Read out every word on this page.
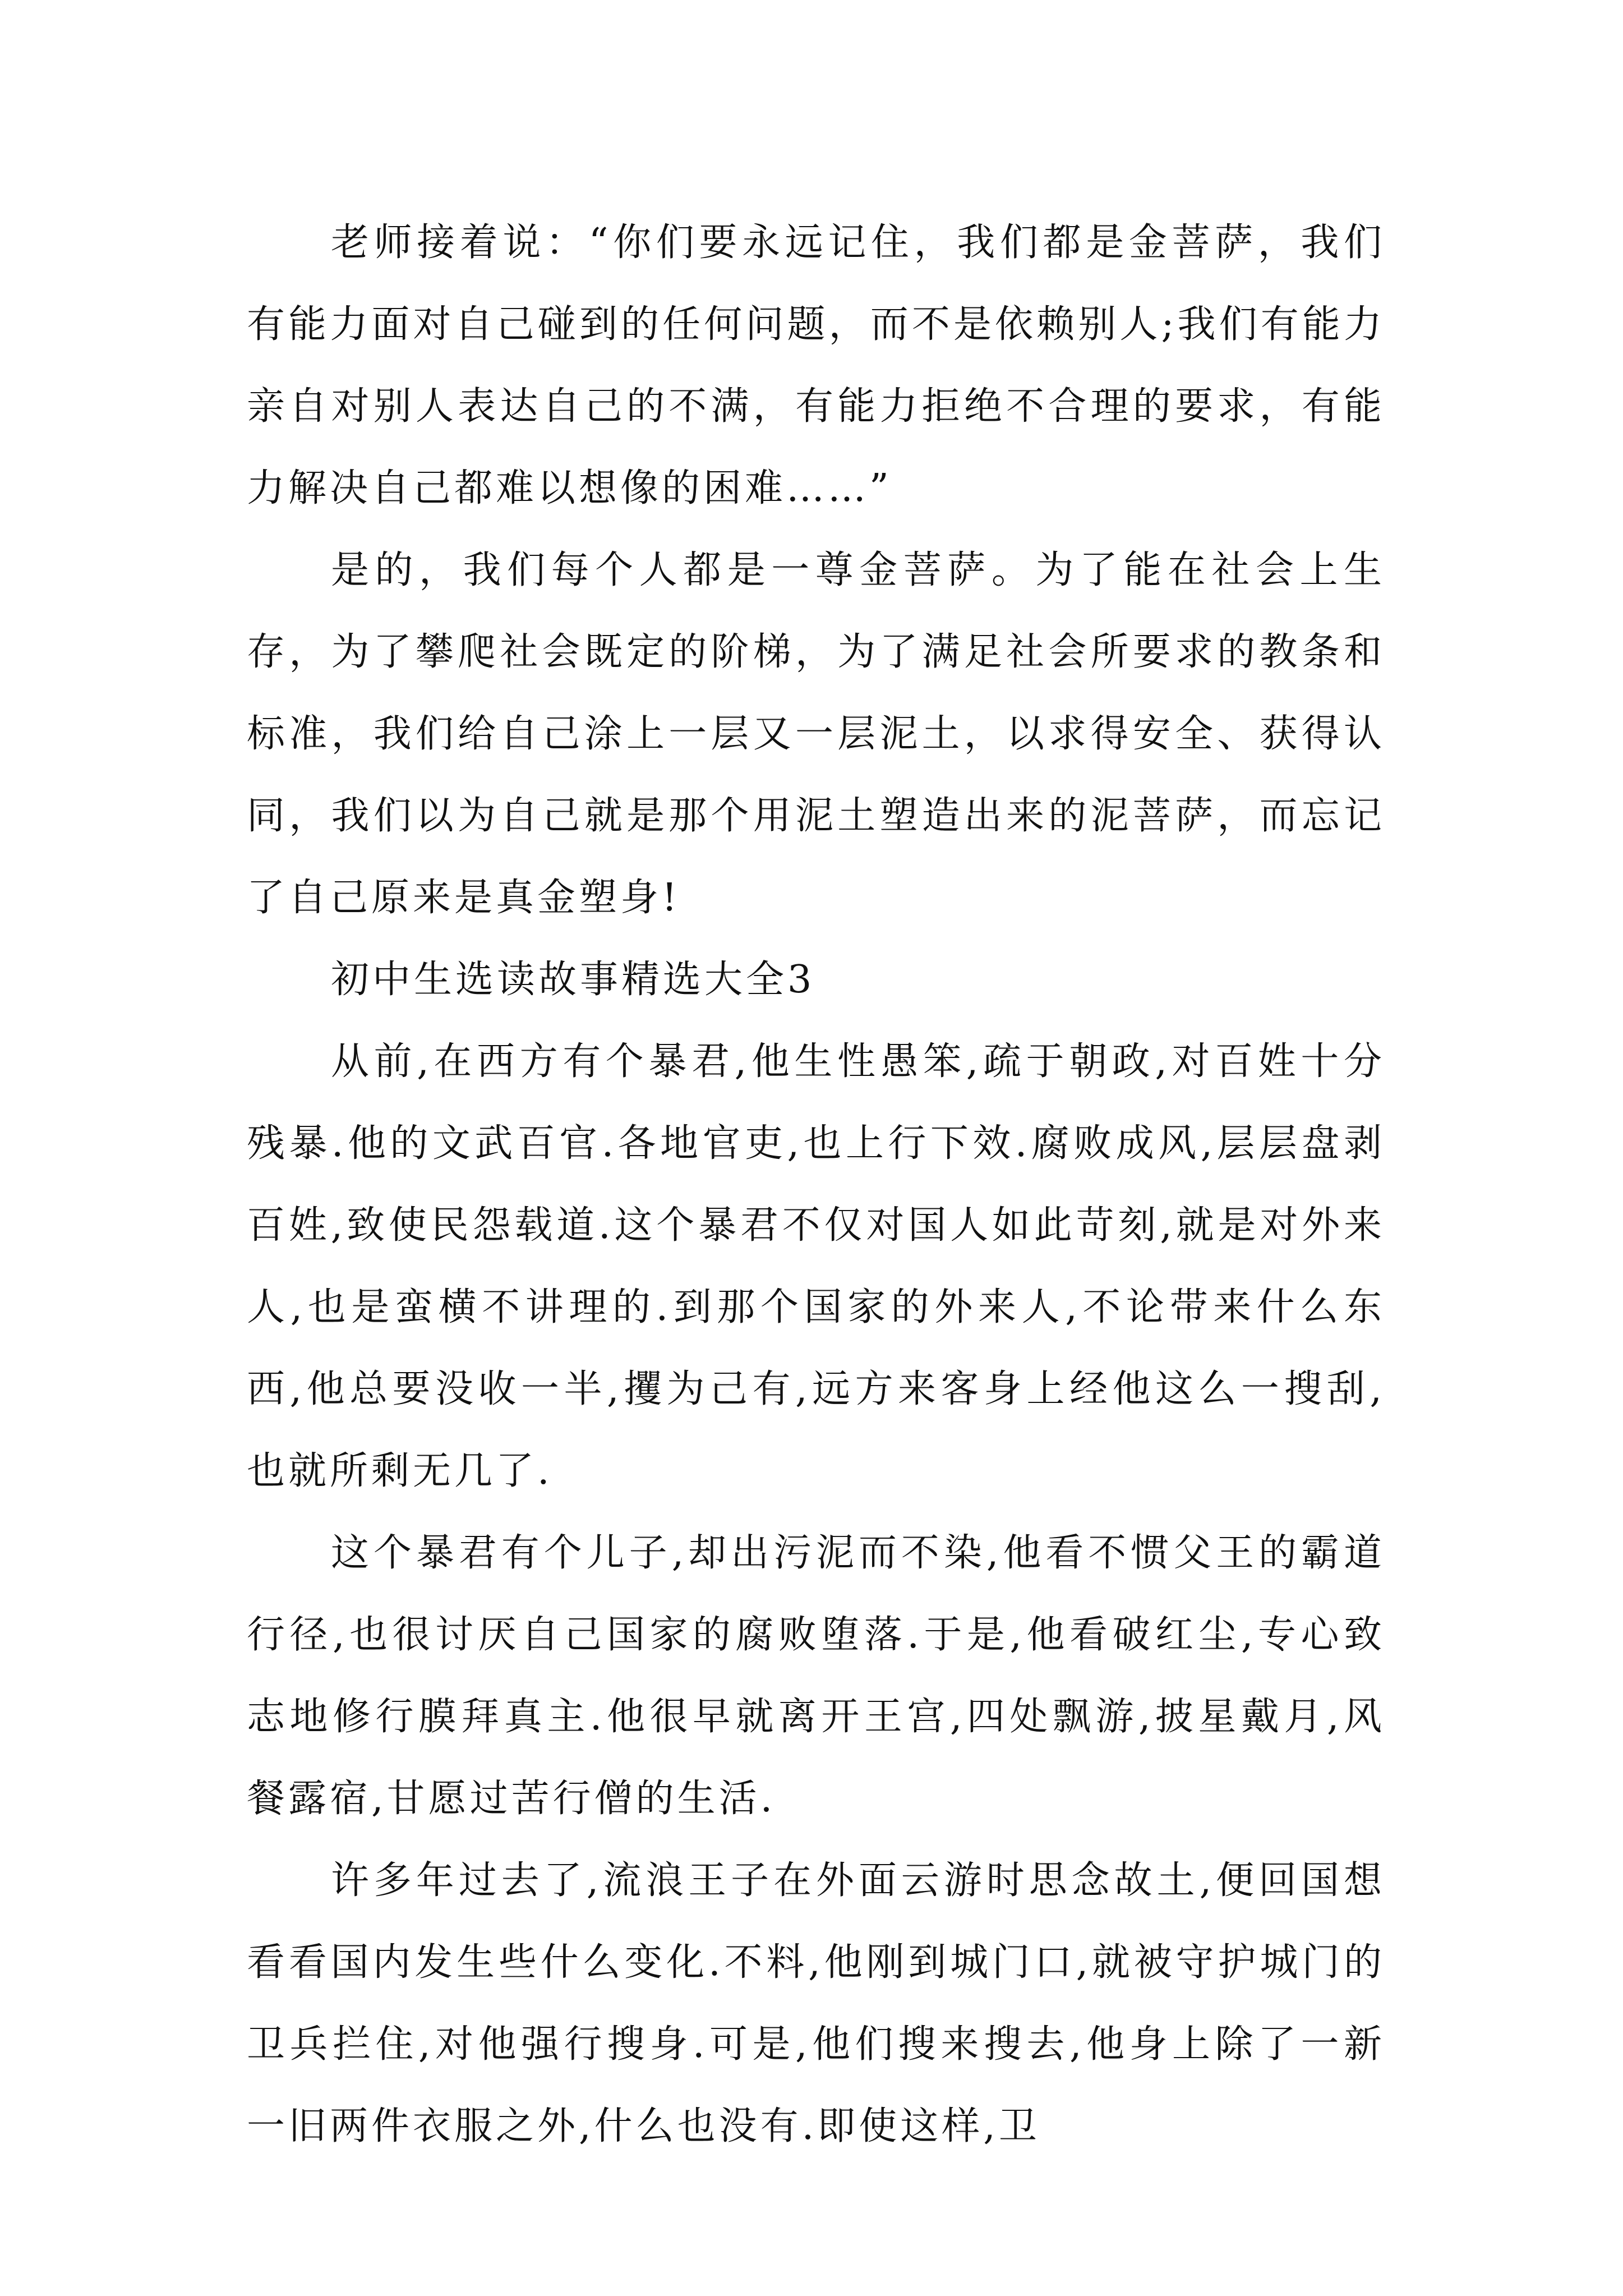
老师接着说：“你们要永远记住，我们都是金菩萨，我们有能力面对自己碰到的任何问题，而不是依赖别人;我们有能力亲自对别人表达自己的不满，有能力拒绝不合理的要求，有能力解决自己都难以想像的困难……”

是的，我们每个人都是一尊金菩萨。为了能在社会上生存，为了攀爬社会既定的阶梯，为了满足社会所要求的教条和标准，我们给自己涂上一层又一层泥土，以求得安全、获得认同，我们以为自己就是那个用泥土塑造出来的泥菩萨，而忘记了自己原来是真金塑身!

初中生选读故事精选大全3

从前,在西方有个暴君,他生性愚笨,疏于朝政,对百姓十分残暴.他的文武百官.各地官吏,也上行下效.腐败成风,层层盘剥百姓,致使民怨载道.这个暴君不仅对国人如此苛刻,就是对外来人,也是蛮横不讲理的.到那个国家的外来人,不论带来什么东西,他总要没收一半,攫为己有,远方来客身上经他这么一搜刮,也就所剩无几了.

这个暴君有个儿子,却出污泥而不染,他看不惯父王的霸道行径,也很讨厌自己国家的腐败堕落.于是,他看破红尘,专心致志地修行膜拜真主.他很早就离开王宫,四处飘游,披星戴月,风餐露宿,甘愿过苦行僧的生活.

许多年过去了,流浪王子在外面云游时思念故土,便回国想看看国内发生些什么变化.不料,他刚到城门口,就被守护城门的卫兵拦住,对他强行搜身.可是,他们搜来搜去,他身上除了一新一旧两件衣服之外,什么也没有.即使这样,卫
